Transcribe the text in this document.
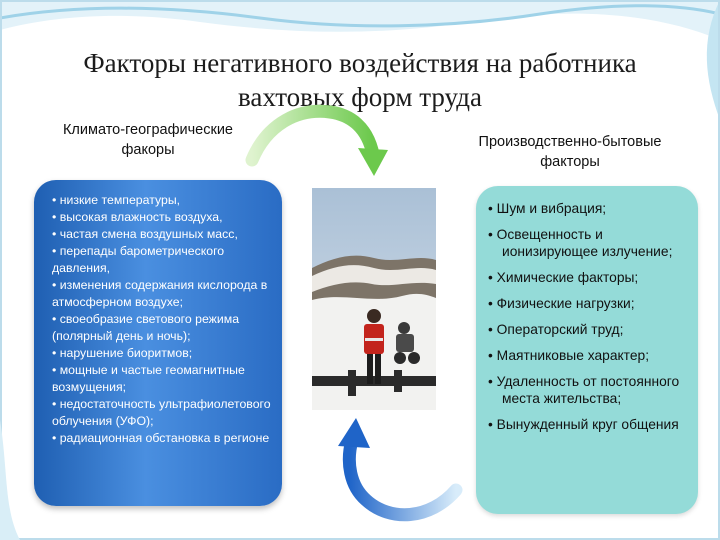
Факторы негативного воздействия на работника вахтовых форм труда
Климато-географические факоры	Производственно-бытовые факторы
• низкие температуры,
• высокая влажность воздуха,
• частая смена воздушных масс,
• перепады барометрического давления,
• изменения содержания кислорода в атмосферном воздухе;
• своеобразие светового режима (полярный день и ночь);
• нарушение биоритмов;
• мощные и частые геомагнитные возмущения;
• недостаточность ультрафиолетового облучения (УФО);
• радиационная обстановка в регионе
• Шум и вибрация;
• Освещенность и ионизирующее излучение;
• Химические факторы;
• Физические нагрузки;
• Операторский труд;
• Маятниковые характер;
• Удаленность от постоянного места жительства;
• Вынужденный круг общения
